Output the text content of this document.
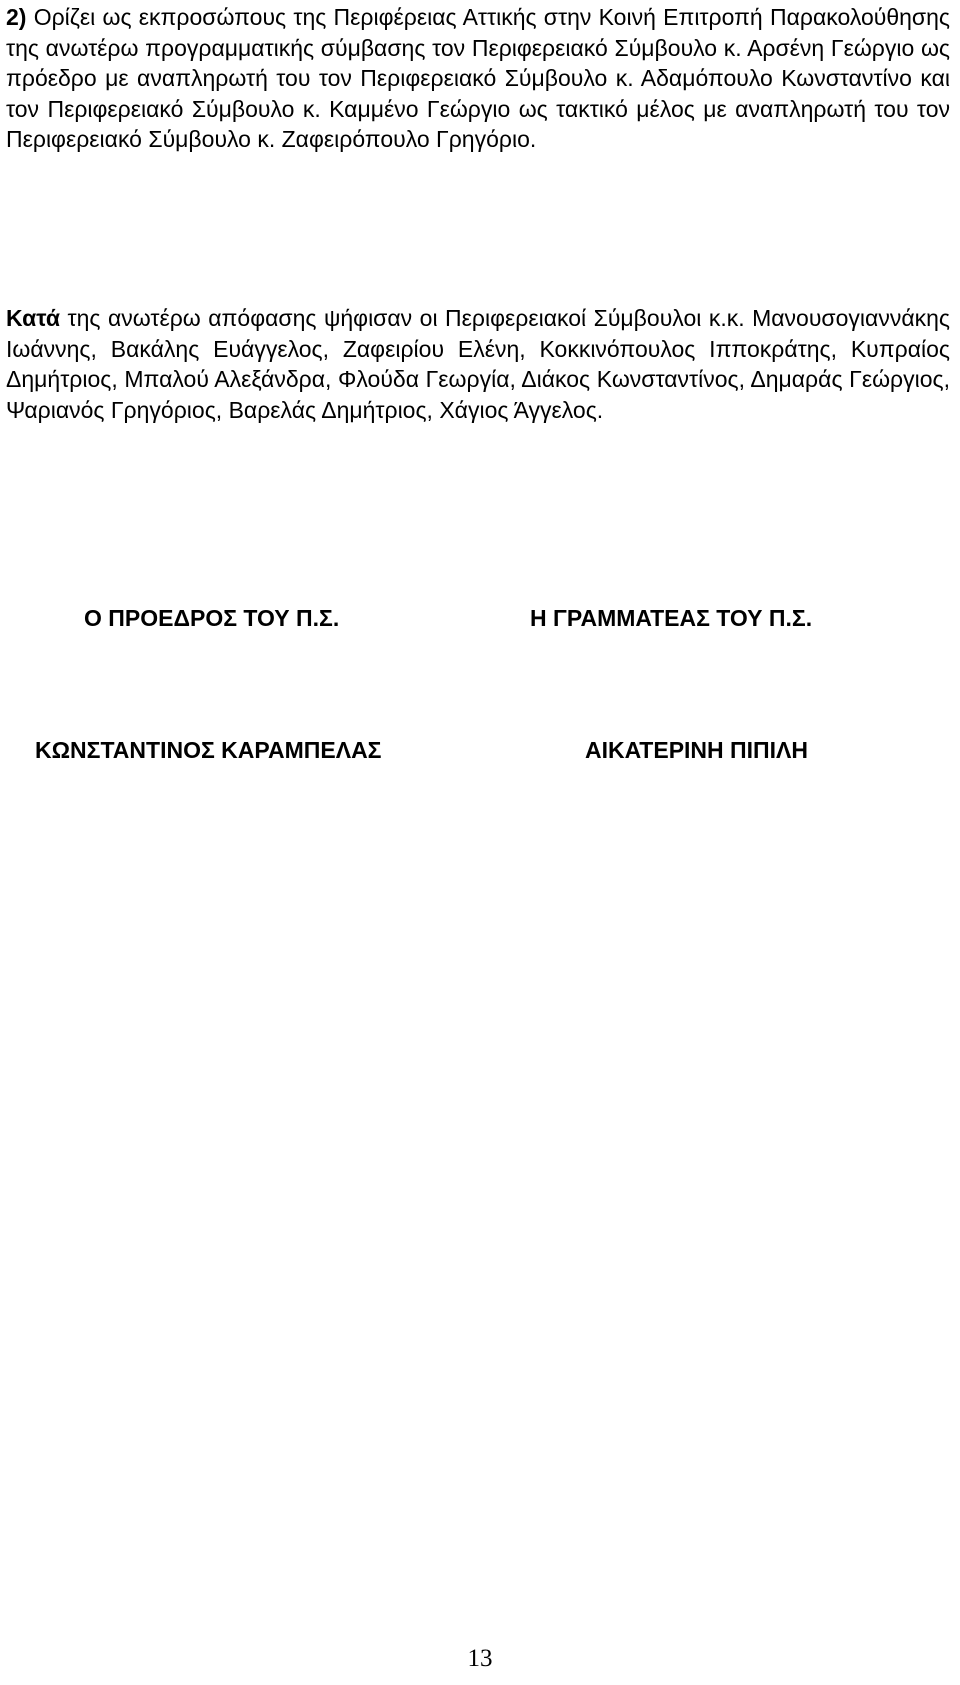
2) Ορίζει ως εκπροσώπους της Περιφέρειας Αττικής στην Κοινή Επιτροπή Παρακολούθησης της ανωτέρω προγραμματικής σύμβασης τον Περιφερειακό Σύμβουλο κ. Αρσένη Γεώργιο ως πρόεδρο με αναπληρωτή του τον Περιφερειακό Σύμβουλο κ. Αδαμόπουλο Κωνσταντίνο και τον Περιφερειακό Σύμβουλο κ. Καμμένο Γεώργιο ως τακτικό μέλος με αναπληρωτή του τον Περιφερειακό Σύμβουλο κ. Ζαφειρόπουλο Γρηγόριο.

Κατά της ανωτέρω απόφασης ψήφισαν οι Περιφερειακοί Σύμβουλοι κ.κ. Μανουσογιαννάκης Ιωάννης, Βακάλης Ευάγγελος, Ζαφειρίου Ελένη, Κοκκινόπουλος Ιπποκράτης, Κυπραίος Δημήτριος, Μπαλού Αλεξάνδρα, Φλούδα Γεωργία, Διάκος Κωνσταντίνος, Δημαράς Γεώργιος, Ψαριανός Γρηγόριος, Βαρελάς Δημήτριος, Χάγιος Άγγελος.

Ο ΠΡΟΕΔΡΟΣ ΤΟΥ Π.Σ.	Η ΓΡΑΜΜΑΤΕΑΣ ΤΟΥ Π.Σ.
ΚΩΝΣΤΑΝΤΙΝΟΣ ΚΑΡΑΜΠΕΛΑΣ	ΑΙΚΑΤΕΡΙΝΗ ΠΙΠΙΛΗ
13
